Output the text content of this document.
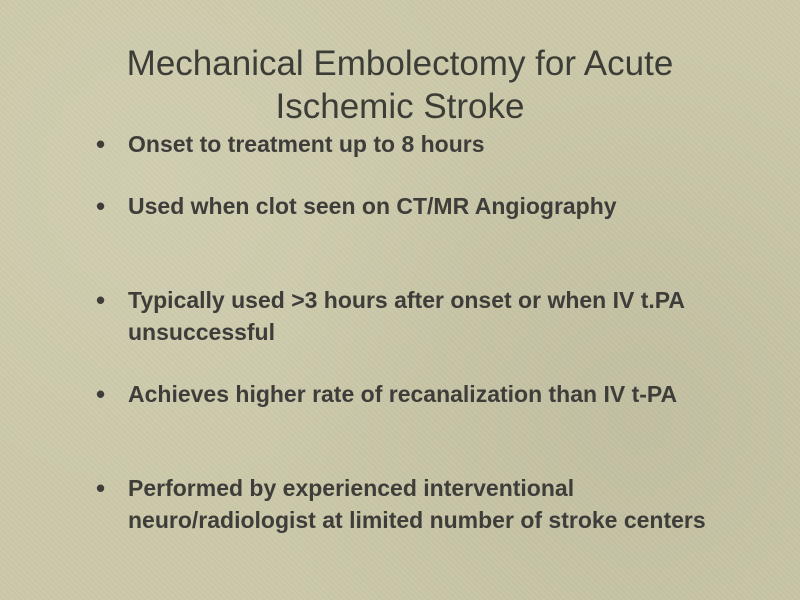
Mechanical Embolectomy for Acute
Ischemic Stroke
• Onset to treatment up to 8 hours
• Used when clot seen on CT/MR Angiography
• Typically used >3 hours after onset or when IV t.PA unsuccessful
• Achieves higher rate of recanalization than IV t-PA
• Performed by experienced interventional neuro/radiologist at limited number of stroke centers
